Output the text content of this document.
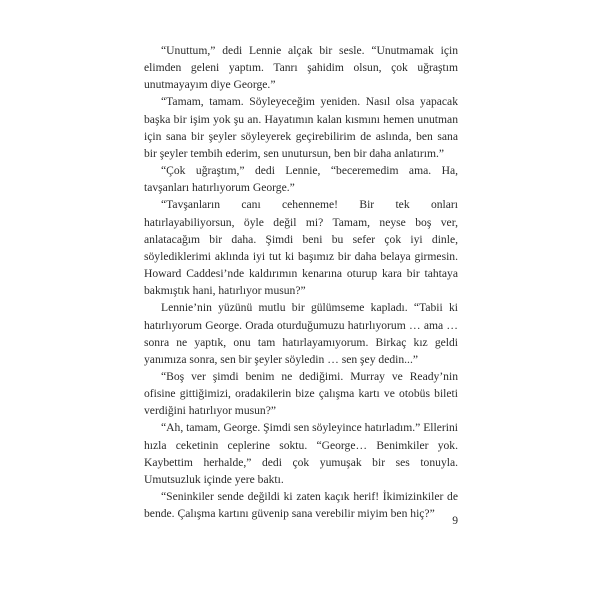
“Unuttum,” dedi Lennie alçak bir sesle. “Unutmamak için elimden geleni yaptım. Tanrı şahidim olsun, çok uğraştım unutmayayım diye George.”

“Tamam, tamam. Söyleyeceğim yeniden. Nasıl olsa yapacak başka bir işim yok şu an. Hayatımın kalan kısmını hemen unutman için sana bir şeyler söyleyerek geçirebilirim de aslında, ben sana bir şeyler tembih ederim, sen unutursun, ben bir daha anlatırım.”

“Çok uğraştım,” dedi Lennie, “beceremedim ama. Ha, tavşanları hatırlıyorum George.”

“Tavşanların canı cehenneme! Bir tek onları hatırlayabiliyorsun, öyle değil mi? Tamam, neyse boş ver, anlatacağım bir daha. Şimdi beni bu sefer çok iyi dinle, söylediklerimi aklında iyi tut ki başımız bir daha belaya girmesin. Howard Caddesi’nde kaldırımın kenarına oturup kara bir tahtaya bakmıştık hani, hatırlıyor musun?”

Lennie’nin yüzünü mutlu bir gülümseme kapladı. “Tabii ki hatırlıyorum George. Orada oturduğumuzu hatırlıyorum … ama … sonra ne yaptık, onu tam hatırlayamıyorum. Birkaç kız geldi yanımıza sonra, sen bir şeyler söyledin … sen şey dedin...”

“Boş ver şimdi benim ne dediğimi. Murray ve Ready’nin ofisine gittiğimizi, oradakilerin bize çalışma kartı ve otobüs bileti verdiğini hatırlıyor musun?”

“Ah, tamam, George. Şimdi sen söyleyince hatırladım.” Ellerini hızla ceketinin ceplerine soktu. “George… Benimkiler yok. Kaybettim herhalde,” dedi çok yumuşak bir ses tonuyla. Umutsuzluk içinde yere baktı.

“Seninkiler sende değildi ki zaten kaçık herif! İkimizinkiler de bende. Çalışma kartını güvenip sana verebilir miyim ben hiç?”

9
